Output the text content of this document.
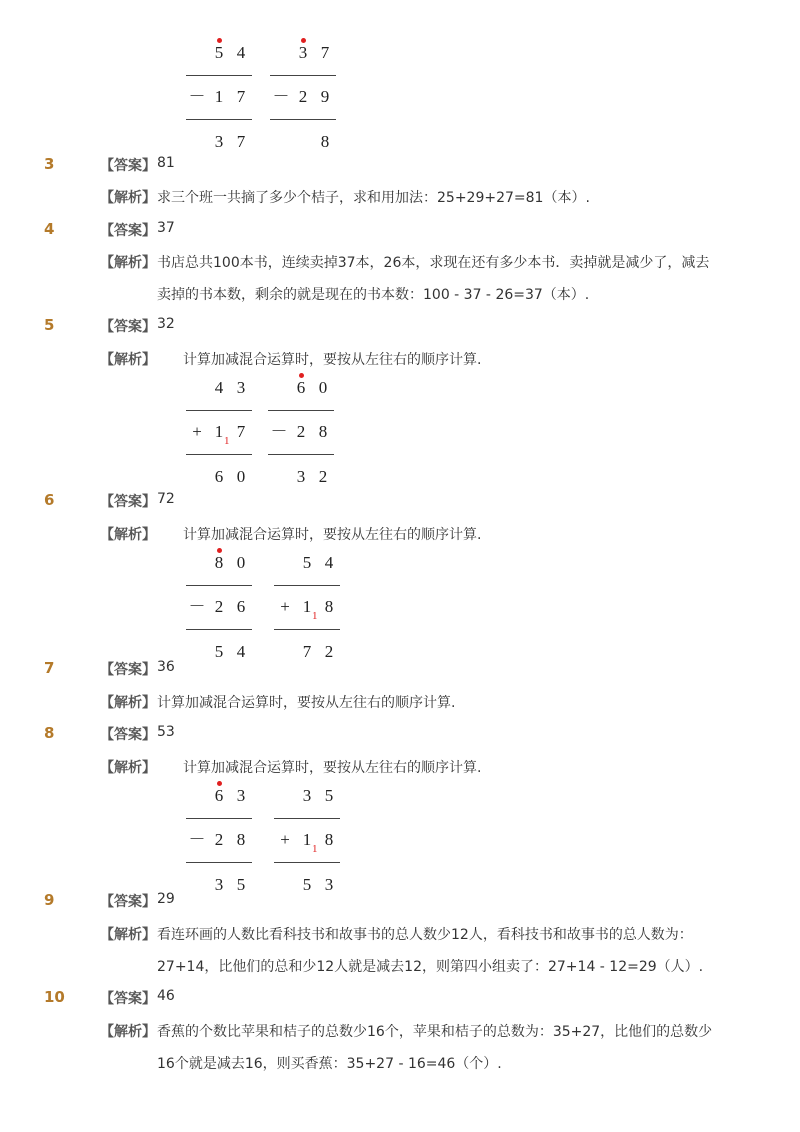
5 4
－ 1 7
3 7
3 7
－ 2 9
8
3	【答案】 81
【解析】 求三个班一共摘了多少个桔子，求和用加法：25+29+27=81（本）.
4	【答案】 37
【解析】 书店总共100本书，连续卖掉37本，26本，求现在还有多少本书．卖掉就是减少了，减去
卖掉的书本数，剩余的就是现在的书本数：100 - 37 - 26=37（本）.
5	【答案】 32
【解析】 计算加减混合运算时，要按从左往右的顺序计算.
4 3
+ 1 7
6 0
1
6 0
－ 2 8
3 2
6	【答案】 72
【解析】 计算加减混合运算时，要按从左往右的顺序计算.
8 0
－ 2 6
5 4
5 4
+ 1 8
7 2
1
7	【答案】 36
【解析】 计算加减混合运算时，要按从左往右的顺序计算.
8	【答案】 53
【解析】 计算加减混合运算时，要按从左往右的顺序计算.
6 3
－ 2 8
3 5
3 5
+ 1 8
5 3
1
9	【答案】 29
【解析】 看连环画的人数比看科技书和故事书的总人数少12人，看科技书和故事书的总人数为：
27+14，比他们的总和少12人就是减去12，则第四小组卖了：27+14 - 12=29（人）.
10	【答案】 46
【解析】 香蕉的个数比苹果和桔子的总数少16个，苹果和桔子的总数为：35+27，比他们的总数少
16个就是减去16，则买香蕉：35+27 - 16=46（个）.
